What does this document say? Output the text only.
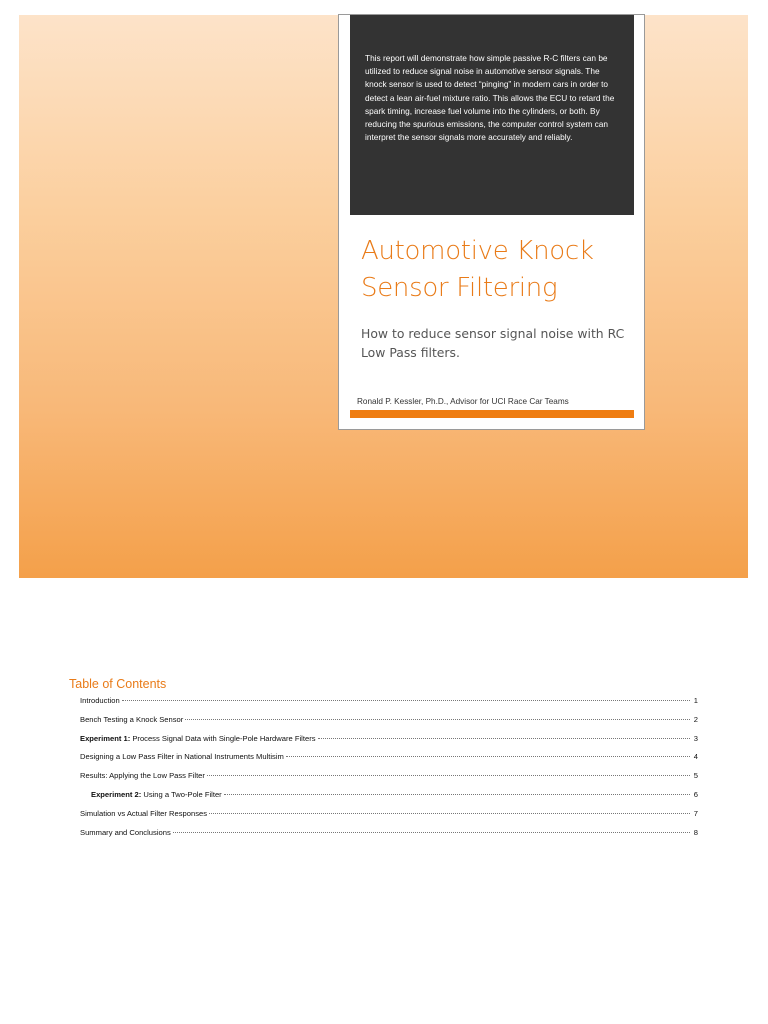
This report will demonstrate how simple passive R-C filters can be utilized to reduce signal noise in automotive sensor signals. The knock sensor is used to detect “pinging” in modern cars in order to detect a lean air-fuel mixture ratio. This allows the ECU to retard the spark timing, increase fuel volume into the cylinders, or both. By reducing the spurious emissions, the computer control system can interpret the sensor signals more accurately and reliably.
Automotive Knock Sensor Filtering
How to reduce sensor signal noise with RC Low Pass filters.
Ronald P. Kessler, Ph.D., Advisor for UCI Race Car Teams
Table of Contents
Introduction	1
Bench Testing a Knock Sensor	2
Experiment 1: Process Signal Data with Single-Pole Hardware Filters	3
Designing a Low Pass Filter in National Instruments Multisim	4
Results: Applying the Low Pass Filter	5
Experiment 2: Using a Two-Pole Filter	6
Simulation vs Actual Filter Responses	7
Summary and Conclusions	8
